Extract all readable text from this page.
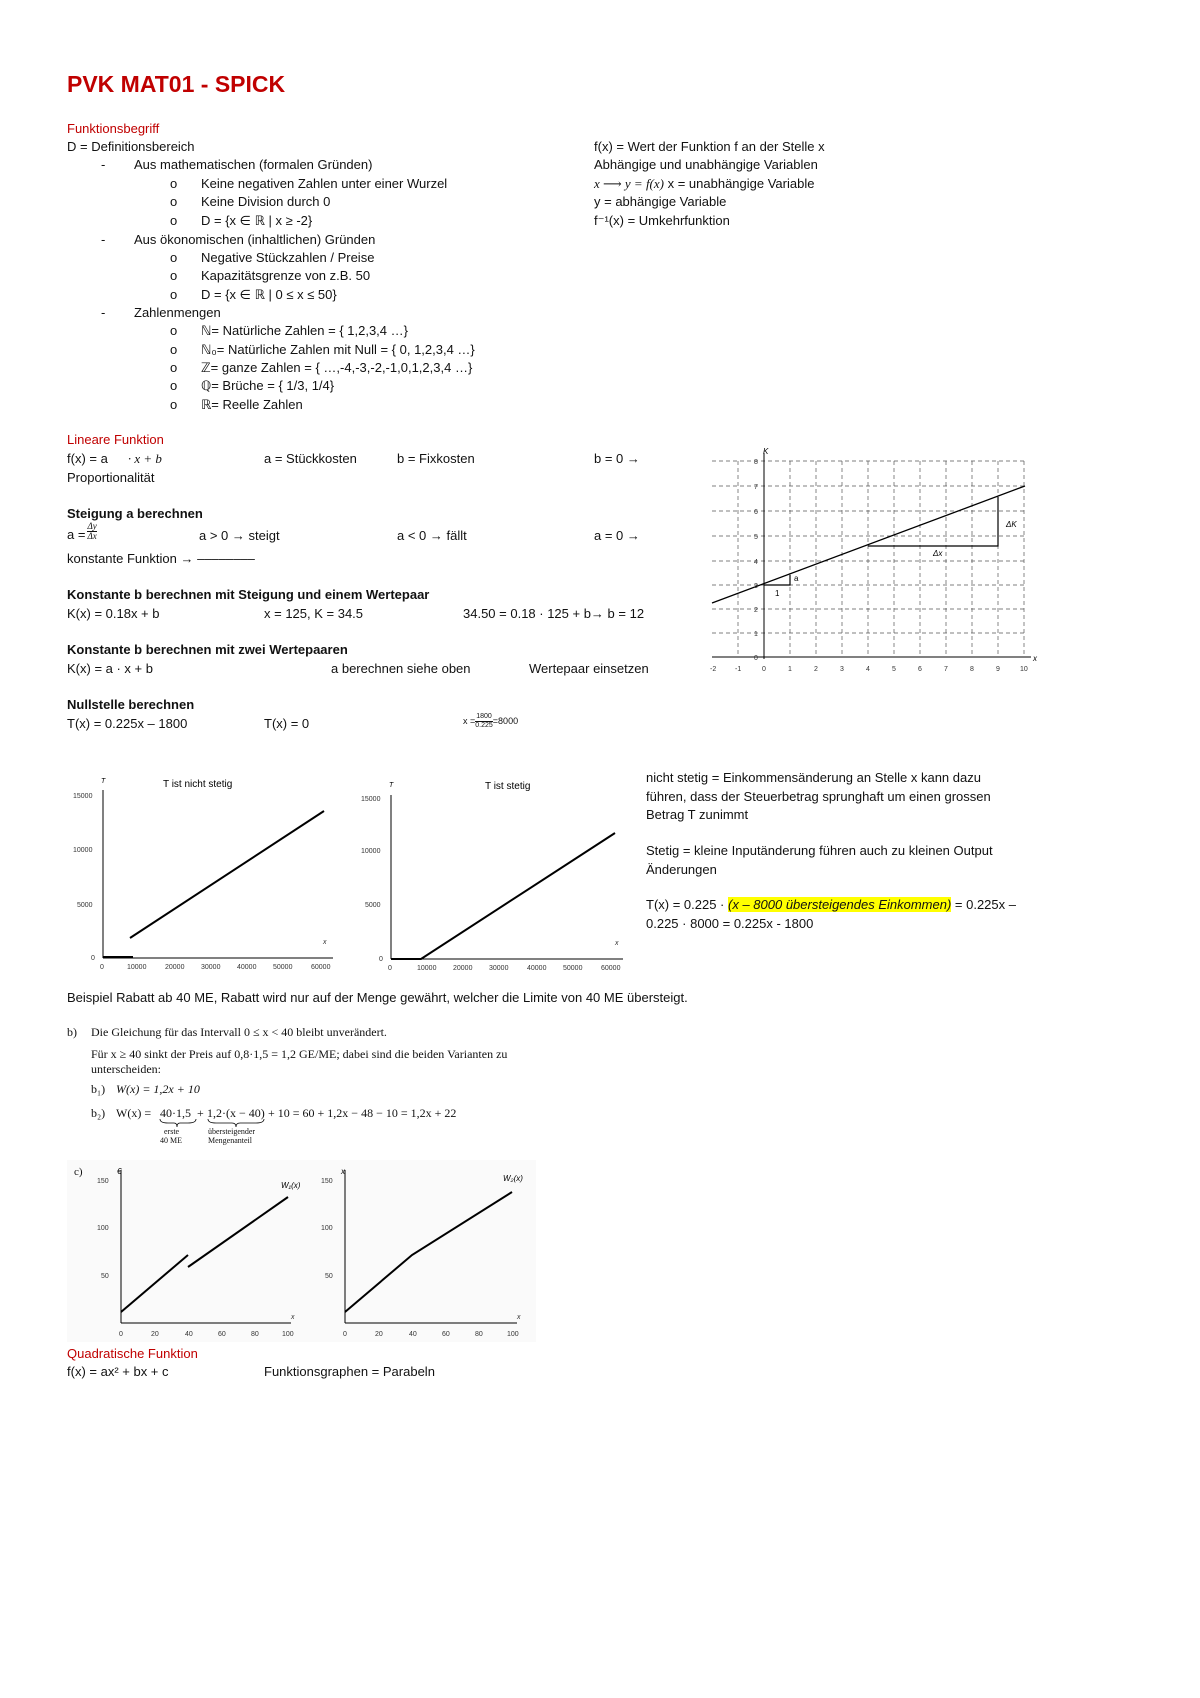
PVK MAT01 - SPICK
Funktionsbegriff
D = Definitionsbereich
- Aus mathematischen (formalen Gründen)
o Keine negativen Zahlen unter einer Wurzel
o Keine Division durch 0
o D = {x ∈ ℝ | x ≥ -2}
- Aus ökonomischen (inhaltlichen) Gründen
o Negative Stückzahlen / Preise
o Kapazitätsgrenze von z.B. 50
o D = {x ∈ ℝ | 0 ≤ x ≤ 50}
- Zahlenmengen
o ℕ= Natürliche Zahlen = { 1,2,3,4 …}
o ℕ₀= Natürliche Zahlen mit Null = { 0, 1,2,3,4 …}
o ℤ= ganze Zahlen = { …,-4,-3,-2,-1,0,1,2,3,4 …}
o ℚ= Brüche = { 1/3, 1/4}
o ℝ= Reelle Zahlen
f(x) = Wert der Funktion f an der Stelle x
Abhängige und unabhängige Variablen
x ⟶ y = f(x) x = unabhängige Variable
y = abhängige Variable
f⁻¹(x) = Umkehrfunktion
Lineare Funktion
f(x) = a · x + b	a = Stückkosten	b = Fixkosten	b = 0 →
Proportionalität
Steigung a berechnen
$a = \frac{\Delta y}{\Delta x}$	a > 0 → steigt	a < 0 → fällt	a = 0 →
konstante Funktion → ––––––––
Konstante b berechnen mit Steigung und einem Wertepaar
K(x) = 0.18x + b	x = 125, K = 34.5	34.50 = 0.18 · 125 + b→ b = 12
Konstante b berechnen mit zwei Wertepaaren
K(x) = a · x + b	a berechnen siehe oben	Wertepaar einsetzen
Nullstelle berechnen
T(x) = 0.225x – 1800	T(x) = 0	$x = \frac{1800}{0.225} =8000$
a
1
ΔK
Δx
K
x
-2	-1	0	1	2	3	4	5	6	7	8	9	10
0
1
2
3
4
5
6
7
8
T ist nicht stetig
T
x
0
5000
10000
15000
0	10000	20000 30000 40000 50000	60000
T ist stetig
T
x
0
5000
10000
15000
0	10000 20000 30000	40000 50000	60000
nicht stetig = Einkommensänderung an Stelle x kann dazu
führen, dass der Steuerbetrag sprunghaft um einen grossen
Betrag T zunimmt
Stetig = kleine Inputänderung führen auch zu kleinen Output
Änderungen
T(x) = 0.225 · (x – 8000 übersteigendes Einkommen) = 0.225x –
0.225 · 8000 = 0.225x - 1800
Beispiel Rabatt ab 40 ME, Rabatt wird nur auf der Menge gewährt, welcher die Limite von 40 ME übersteigt.
b) Die Gleichung für das Intervall 0 ≤ x < 40 bleibt unverändert.
Für x ≥ 40 sinkt der Preis auf 0,8·1,5 = 1,2 GE/ME; dabei sind die beiden Varianten zu
unterscheiden:
b₁) W(x) = 1,2x + 10
b₂) W(x) = 40·1,5 + 1,2·(x − 40) + 10 = 60 + 1,2x − 48 − 10 = 1,2x + 22
erste
40 ME
übersteigender
Mengenanteil
c)	€
W₁(x)
x
50
100
150
0	20	40	60	80	100
x
W₂(x)
x
50
100
150
0	20	40	60	80	100
Quadratische Funktion
f(x) = ax² + bx + c	Funktionsgraphen = Parabeln
